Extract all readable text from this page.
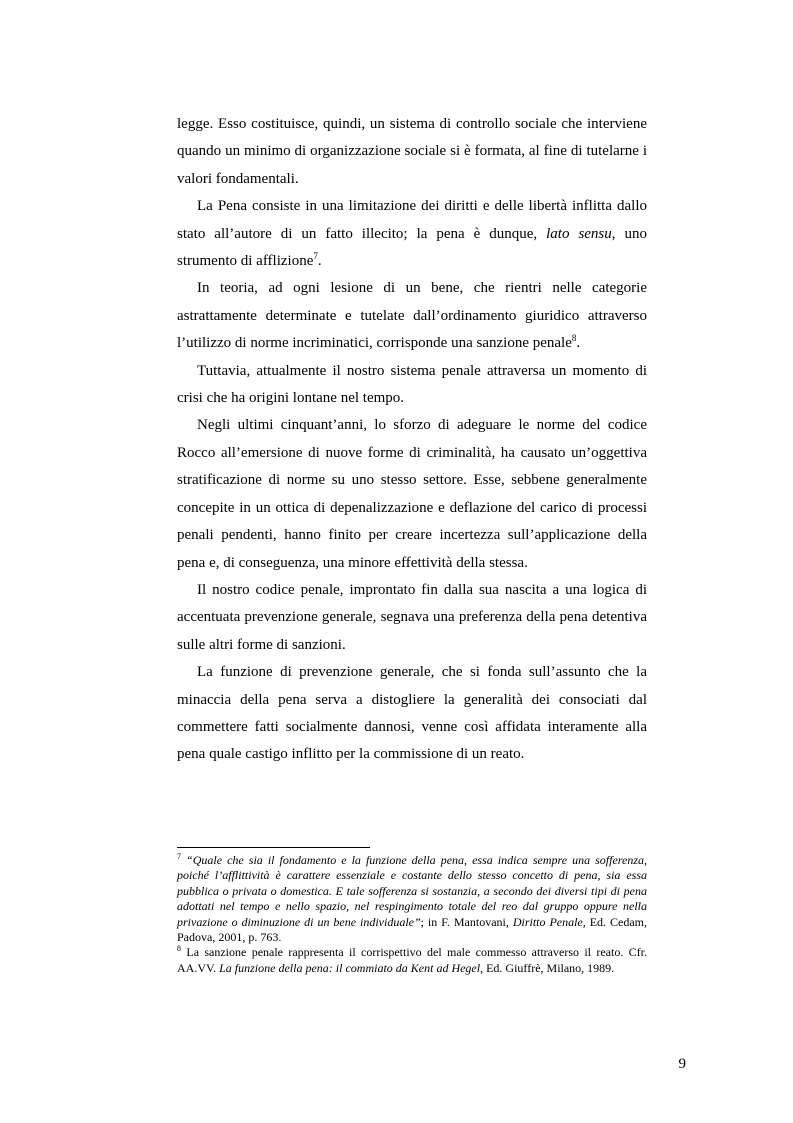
legge. Esso costituisce, quindi, un sistema di controllo sociale che interviene quando un minimo di organizzazione sociale si è formata, al fine di tutelarne i valori fondamentali.

La Pena consiste in una limitazione dei diritti e delle libertà inflitta dallo stato all’autore di un fatto illecito; la pena è dunque, lato sensu, uno strumento di afflizione$^7$.

In teoria, ad ogni lesione di un bene, che rientri nelle categorie astrattamente determinate e tutelate dall’ordinamento giuridico attraverso l’utilizzo di norme incriminatici, corrisponde una sanzione penale$^8$.

Tuttavia, attualmente il nostro sistema penale attraversa un momento di crisi che ha origini lontane nel tempo.

Negli ultimi cinquant’anni, lo sforzo di adeguare le norme del codice Rocco all’emersione di nuove forme di criminalità, ha causato un’oggettiva stratificazione di norme su uno stesso settore. Esse, sebbene generalmente concepite in un ottica di depenalizzazione e deflazione del carico di processi penali pendenti, hanno finito per creare incertezza sull’applicazione della pena e, di conseguenza, una minore effettività della stessa.

Il nostro codice penale, improntato fin dalla sua nascita a una logica di accentuata prevenzione generale, segnava una preferenza della pena detentiva sulle altri forme di sanzioni.

La funzione di prevenzione generale, che si fonda sull’assunto che la minaccia della pena serva a distogliere la generalità dei consociati dal commettere fatti socialmente dannosi, venne così affidata interamente alla pena quale castigo inflitto per la commissione di un reato.

$^7$ “Quale che sia il fondamento e la funzione della pena, essa indica sempre una sofferenza, poiché l’afflittività è carattere essenziale e costante dello stesso concetto di pena, sia essa pubblica o privata o domestica. E tale sofferenza si sostanzia, a secondo dei diversi tipi di pena adottati nel tempo e nello spazio, nel respingimento totale del reo dal gruppo oppure nella privazione o diminuzione di un bene individuale”; in F. Mantovani, Diritto Penale, Ed. Cedam, Padova, 2001, p. 763.

$^8$ La sanzione penale rappresenta il corrispettivo del male commesso attraverso il reato. Cfr. AA.VV. La funzione della pena: il commiato da Kent ad Hegel, Ed. Giuffrè, Milano, 1989.

9
